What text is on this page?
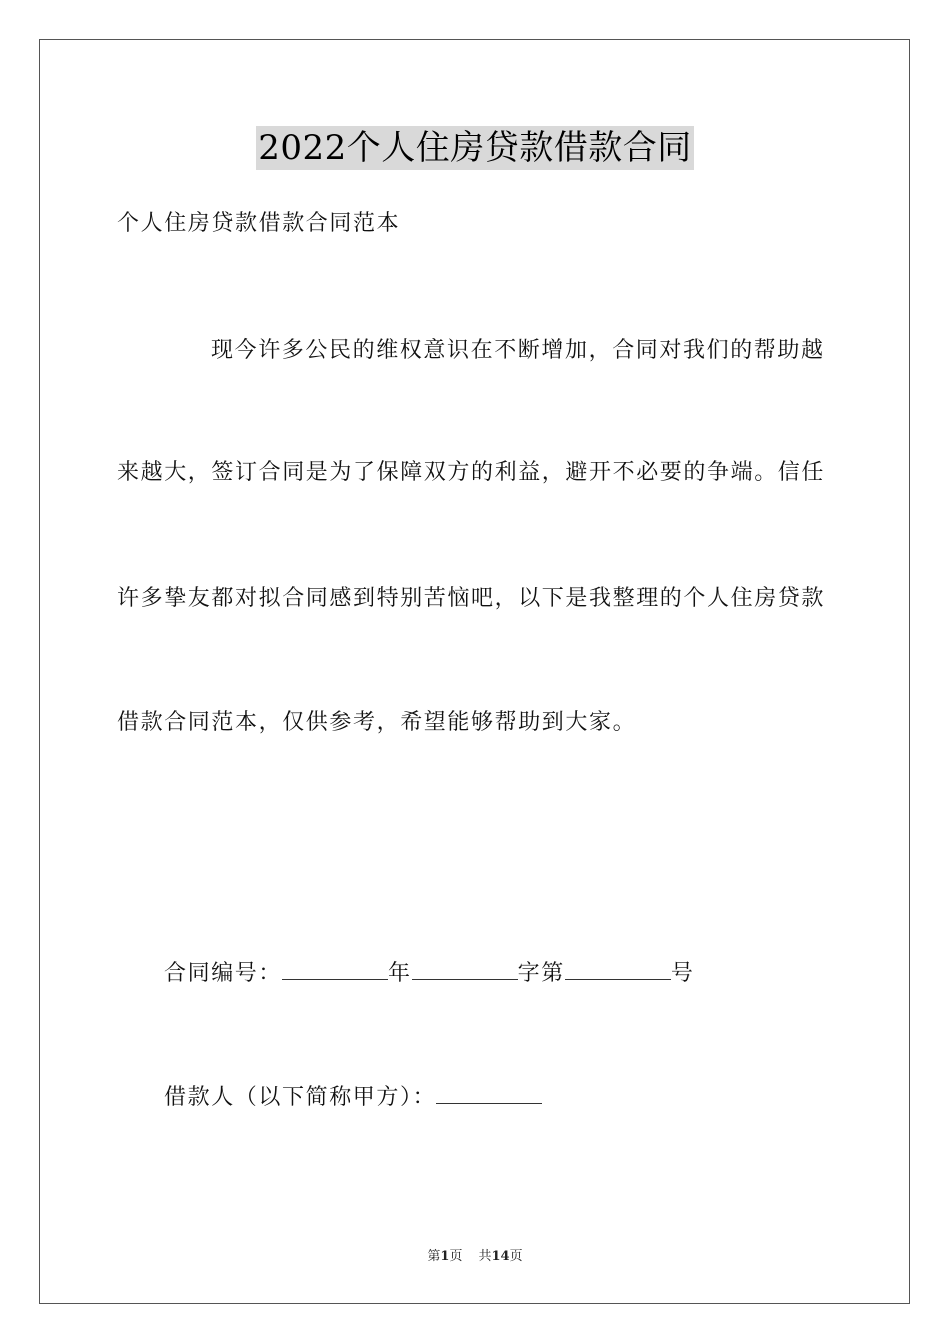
2022个人住房贷款借款合同
个人住房贷款借款合同范本
现今许多公民的维权意识在不断增加，合同对我们的帮助越
来越大，签订合同是为了保障双方的利益，避开不必要的争端。信任
许多挚友都对拟合同感到特别苦恼吧，以下是我整理的个人住房贷款
借款合同范本，仅供参考，希望能够帮助到大家。
合同编号：	年	字第	号
借款人（以下简称甲方）：
第1页 共14页
